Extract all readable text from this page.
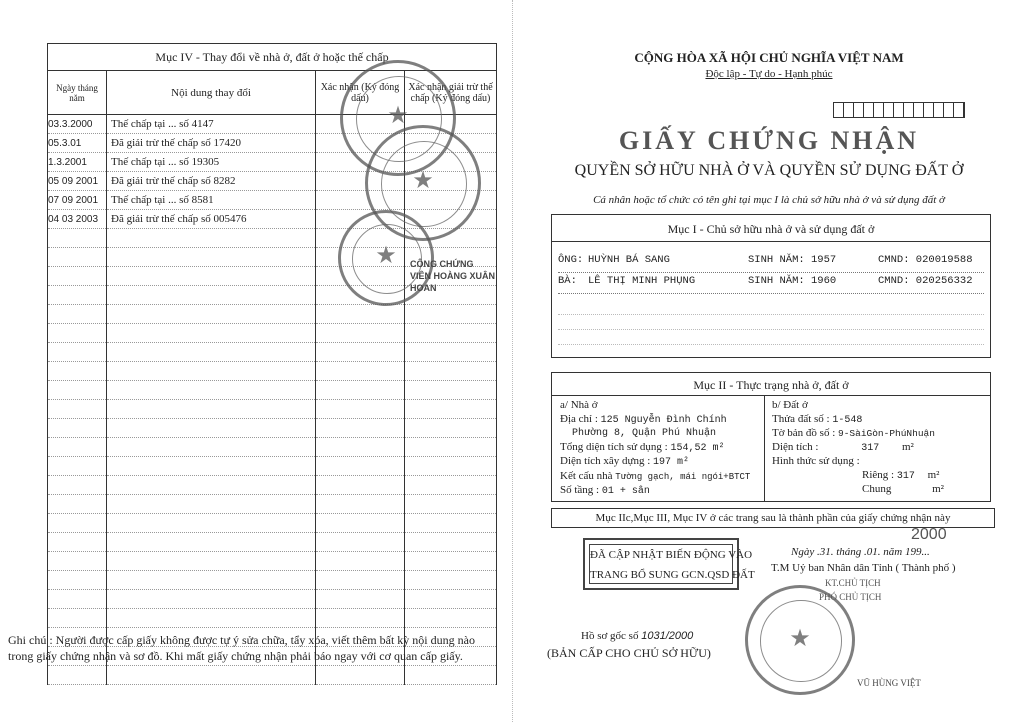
Mục IV - Thay đổi về nhà ở, đất ở hoặc thế chấp			
Ngày tháng năm	Nội dung thay đổi	Xác nhận (Ký đóng dấu)	Xác nhận giải trừ thế chấp (Ký đóng dấu)
03.3.2000	Thế chấp tại ... số 4147		
05.3.01	Đã giải trừ thế chấp số 17420		
1.3.2001	Thế chấp tại ... số 19305		
05 09 2001	Đã giải trừ thế chấp số 8282		
07 09 2001	Thế chấp tại ... số 8581		
04 03 2003	Đã giải trừ thế chấp số 005476		

★
★
★	CÔNG CHỨNG VIÊN HOÀNG XUÂN HOAN
Ghi chú : Người được cấp giấy không được tự ý sửa chữa, tẩy xóa, viết thêm bất kỳ nội dung nào trong giấy chứng nhận và sơ đồ. Khi mất giấy chứng nhận phải báo ngay với cơ quan cấp giấy.
CỘNG HÒA XÃ HỘI CHỦ NGHĨA VIỆT NAM
Độc lập - Tự do - Hạnh phúc
GIẤY CHỨNG NHẬN
QUYỀN SỞ HỮU NHÀ Ở VÀ QUYỀN SỬ DỤNG ĐẤT Ở
Cá nhân hoặc tổ chức có tên ghi tại mục I là chủ sở hữu nhà ở và sử dụng đất ở
Mục I - Chủ sở hữu nhà ở và sử dụng đất ở
ÔNG: HUỲNH BÁ SANG	SINH NĂM: 1957	CMND: 020019588
BÀ: LÊ THỊ MINH PHỤNG	SINH NĂM: 1960	CMND: 020256332
Mục II - Thực trạng nhà ở, đất ở
a/ Nhà ở
Địa chỉ : 125 Nguyễn Đình Chính
Phường 8, Quận Phú Nhuận
Tổng diện tích sử dụng : 154,52 m²
Diện tích xây dựng : 197 m²
Kết cấu nhà Tường gạch, mái ngói+BTCT
Số tầng : 01 + sân
b/ Đất ở
Thửa đất số : 1-548
Tờ bản đồ số : 9-SàiGòn-PhúNhuận
Diện tích :	317 m²
Hình thức sử dụng :
Riêng : 317 m²
Chung	m²
Mục IIc,Mục III, Mục IV ở các trang sau là thành phần của giấy chứng nhận này
ĐÃ CẬP NHẬT BIẾN ĐỘNG VÀO
TRANG BỔ SUNG GCN.QSD ĐẤT
2000
Ngày .31. tháng .01. năm 199...
T.M Uỷ ban Nhân dân Tỉnh ( Thành phố )
KT.CHỦ TỊCH
PHÓ CHỦ TỊCH
★
Hồ sơ gốc số 1031/2000
(BẢN CẤP CHO CHỦ SỞ HỮU)
VŨ HÙNG VIỆT
